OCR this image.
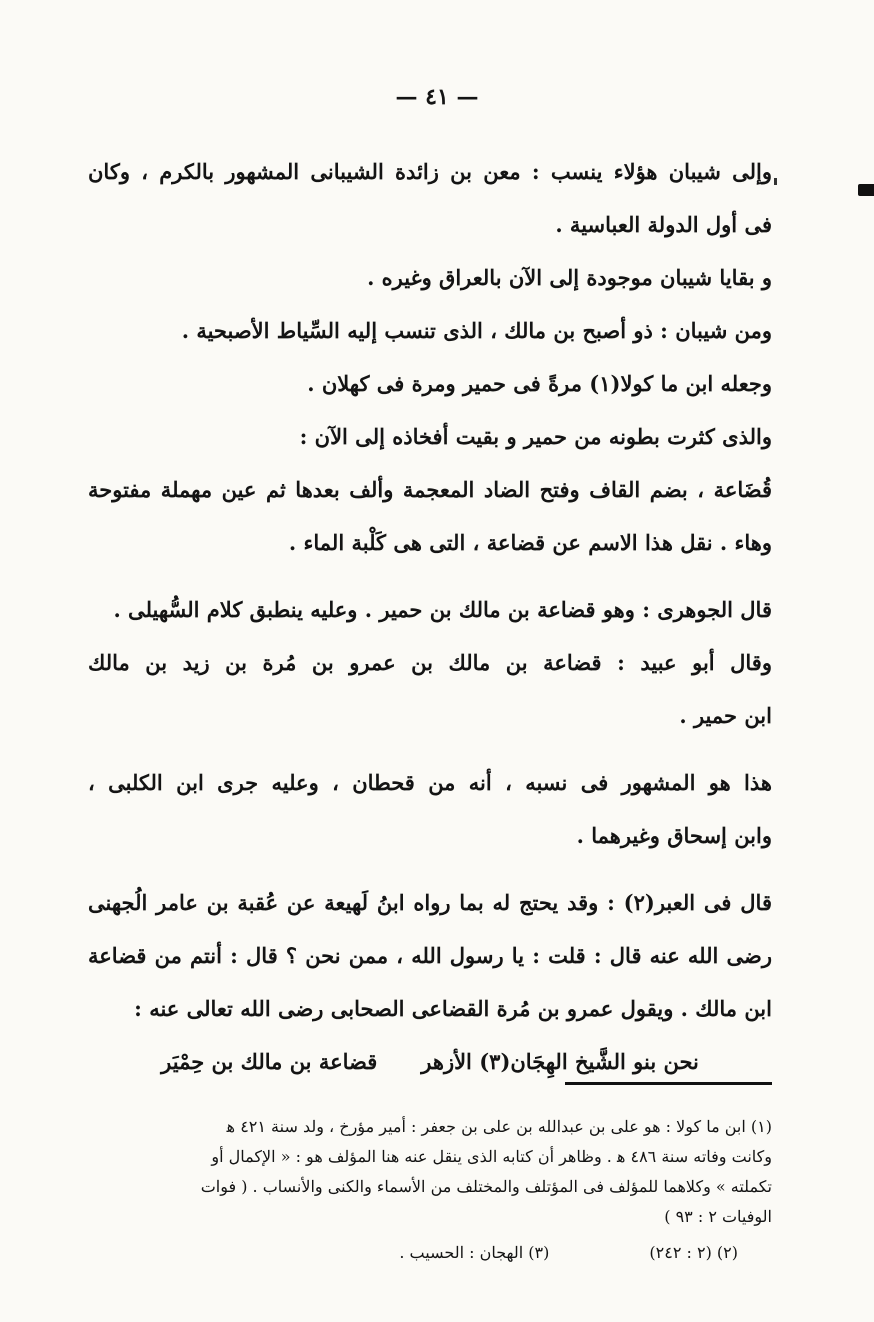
— ٤١ —
وإلى شيبان هؤلاء ينسب : معن بن زائدة الشيبانى المشهور بالكرم ، وكان
فى أول الدولة العباسية .
و بقايا شيبان موجودة إلى الآن بالعراق وغيره .
ومن شيبان : ذو أصبح بن مالك ، الذى تنسب إليه السِّياط الأصبحية .
وجعله ابن ما كولا(١) مرةً فى حمير ومرة فى كهلان .
والذى كثرت بطونه من حمير و بقيت أفخاذه إلى الآن :
قُضَاعة ، بضم القاف وفتح الضاد المعجمة وألف بعدها ثم عين مهملة مفتوحة
وهاء . نقل هذا الاسم عن قضاعة ، التى هى كَلْبة الماء .
قال الجوهرى : وهو قضاعة بن مالك بن حمير . وعليه ينطبق كلام السُّهيلى .
وقال أبو عبيد : قضاعة بن مالك بن عمرو بن مُرة بن زيد بن مالك
ابن حمير .
هذا هو المشهور فى نسبه ، أنه من قحطان ، وعليه جرى ابن الكلبى ،
وابن إسحاق وغيرهما .
قال فى العبر(٢) : وقد يحتج له بما رواه ابنُ لَهيعة عن عُقبة بن عامر الُجهنى
رضى الله عنه قال : قلت : يا رسول الله ، ممن نحن ؟ قال : أنتم من قضاعة
ابن مالك . ويقول عمرو بن مُرة القضاعى الصحابى رضى الله تعالى عنه :
نحن بنو الشَّيخ الهِجَان(٣) الأزهر
قضاعة بن مالك بن حِمْيَر
(١) ابن ما كولا : هو على بن عبدالله بن على بن جعفر : أمير مؤرخ ، ولد سنة ٤٢١ ﻫ
وكانت وفاته سنة ٤٨٦ ﻫ . وظاهر أن كتابه الذى ينقل عنه هنا المؤلف هو : « الإكمال أو
تكملته » وكلاهما للمؤلف فى المؤتلف والمختلف من الأسماء والكنى والأنساب . ( فوات
الوفيات ٢ : ٩٣ )
(٢) (٢ : ٢٤٢)
(٣) الهجان : الحسيب .
